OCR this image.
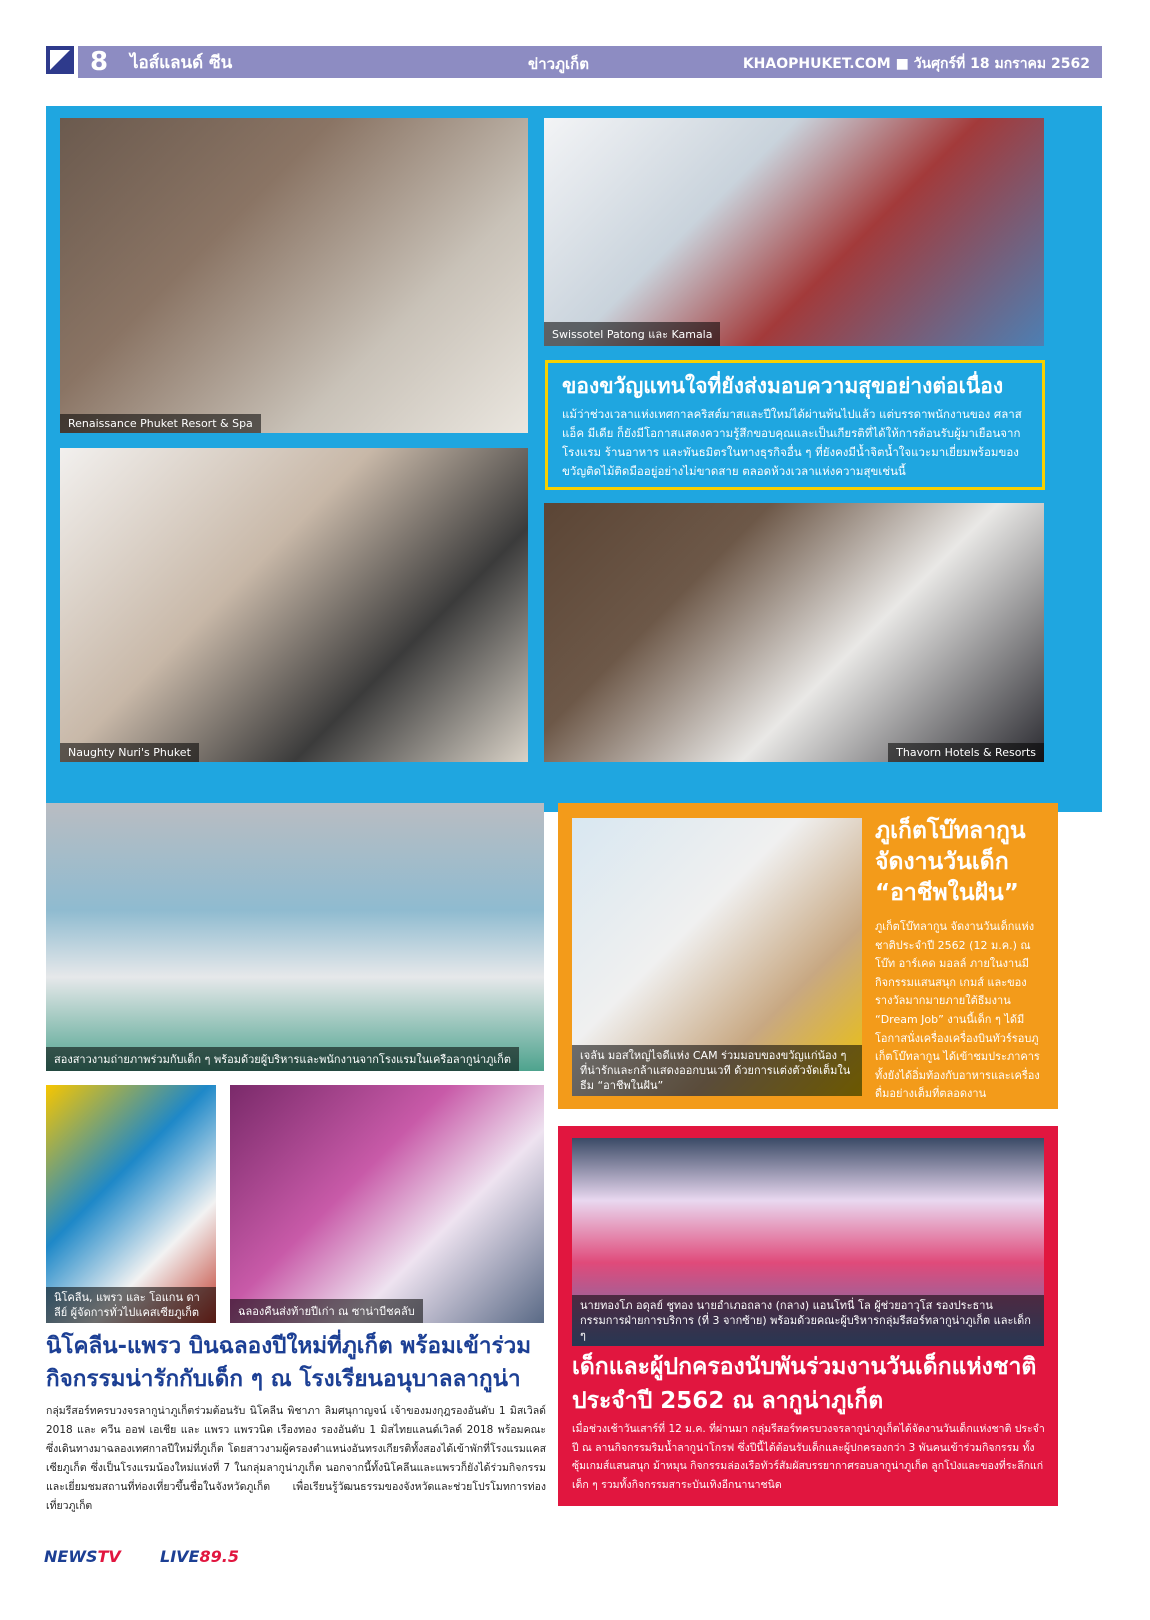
8	ไอส์แลนด์ ซีน	ข่าวภูเก็ต	KHAOPHUKET.COM ■ วันศุกร์ที่ 18 มกราคม 2562
Renaissance Phuket Resort & Spa
Swissotel Patong และ Kamala
ของขวัญแทนใจที่ยังส่งมอบความสุขอย่างต่อเนื่อง
แม้ว่าช่วงเวลาแห่งเทศกาลคริสต์มาสและปีใหม่ได้ผ่านพ้นไปแล้ว แต่บรรดาพนักงานของ ศลาส แอ็ค มีเดีย ก็ยังมีโอกาสแสดงความรู้สึกขอบคุณและเป็นเกียรติที่ได้ให้การต้อนรับผู้มาเยือนจากโรงแรม ร้านอาหาร และพันธมิตรในทางธุรกิจอื่น ๆ ที่ยังคงมีน้ำจิตน้ำใจแวะมาเยี่ยมพร้อมของขวัญติดไม้ติดมืออยู่อย่างไม่ขาดสาย ตลอดห้วงเวลาแห่งความสุขเช่นนี้
Naughty Nuri's Phuket	Thavorn Hotels & Resorts
สองสาวงามถ่ายภาพร่วมกับเด็ก ๆ พร้อมด้วยผู้บริหารและพนักงานจากโรงแรมในเครือลากูน่าภูเก็ต	เจลัน มอสใหญ่ไจดีแห่ง CAM ร่วมมอบของขวัญแก่น้อง ๆ ที่น่ารักและกล้าแสดงออกบนเวที ด้วยการแต่งตัวจัดเต็มในธีม “อาชีพในฝัน”
ภูเก็ตโบ๊ทลากูน
จัดงานวันเด็ก
“อาชีพในฝัน”
ภูเก็ตโบ๊ทลากูน จัดงานวันเด็กแห่งชาติประจำปี 2562 (12 ม.ค.) ณ โบ๊ท อาร์เคด มอลล์ ภายในงานมีกิจกรรมแสนสนุก เกมส์ และของรางวัลมากมายภายใต้ธีมงาน “Dream Job” งานนี้เด็ก ๆ ได้มีโอกาสนั่งเครื่องเครื่องบินทัวร์รอบภูเก็ตโบ๊ทลากูน ได้เข้าชมประภาคาร ทั้งยังได้อิ่มท้องกับอาหารและเครื่องดื่มอย่างเต็มที่ตลอดงาน
นิโคลีน, แพรว และ โอแกน ดาลีย์ ผู้จัดการทั่วไปแคสเซียภูเก็ต	ฉลองคืนส่งท้ายปีเก่า ณ ซาน่าบีชคลับ	นายทองโภ อดุลย์ ชูทอง นายอำเภอถลาง (กลาง) แอนโทนี่ โล ผู้ช่วยอาวุโส รองประธานกรรมการฝ่ายการบริการ (ที่ 3 จากซ้าย) พร้อมด้วยคณะผู้บริหารกลุ่มรีสอร์ทลากูน่าภูเก็ต และเด็ก ๆ
เด็กและผู้ปกครองนับพันร่วมงานวันเด็กแห่งชาติ ประจำปี 2562 ณ ลากูน่าภูเก็ต
เมื่อช่วงเช้าวันเสาร์ที่ 12 ม.ค. ที่ผ่านมา กลุ่มรีสอร์ทครบวงจรลากูน่าภูเก็ตได้จัดงานวันเด็กแห่งชาติ ประจำปี ณ ลานกิจกรรมริมน้ำลากูน่าโกรฟ ซึ่งปีนี้ได้ต้อนรับเด็กและผู้ปกครองกว่า 3 พันคนเข้าร่วมกิจกรรม ทั้งซุ้มเกมส์แสนสนุก ม้าหมุน กิจกรรมล่องเรือทัวร์สัมผัสบรรยากาศรอบลากูน่าภูเก็ต ลูกโป่งและของที่ระลึกแก่เด็ก ๆ รวมทั้งกิจกรรมสาระบันเทิงอีกนานาชนิด
นิโคลีน-แพรว บินฉลองปีใหม่ที่ภูเก็ต พร้อมเข้าร่วมกิจกรรมน่ารักกับเด็ก ๆ ณ โรงเรียนอนุบาลลากูน่า
กลุ่มรีสอร์ทครบวงจรลากูน่าภูเก็ตร่วมต้อนรับ นิโคลีน พิชาภา ลิมศนุกาญจน์ เจ้าของมงกุฎรองอันดับ 1 มิสเวิลด์ 2018 และ ควีน ออฟ เอเชีย และ แพรว แพรวนิต เรืองทอง รองอันดับ 1 มิสไทยแลนด์เวิลด์ 2018 พร้อมคณะ ซึ่งเดินทางมาฉลองเทศกาลปีใหม่ที่ภูเก็ต โดยสาวงามผู้ครองตำแหน่งอันทรงเกียรติทั้งสองได้เข้าพักที่โรงแรมแคสเซียภูเก็ต ซึ่งเป็นโรงแรมน้องใหม่แห่งที่ 7 ในกลุ่มลากูน่าภูเก็ต นอกจากนี้ทั้งนิโคลีนและแพรวก็ยังได้ร่วมกิจกรรม และเยี่ยมชมสถานที่ท่องเที่ยวขึ้นชื่อในจังหวัดภูเก็ต เพื่อเรียนรู้วัฒนธรรมของจังหวัดและช่วยโปรโมทการท่องเที่ยวภูเก็ต
NEWSTV LIVE89.5
